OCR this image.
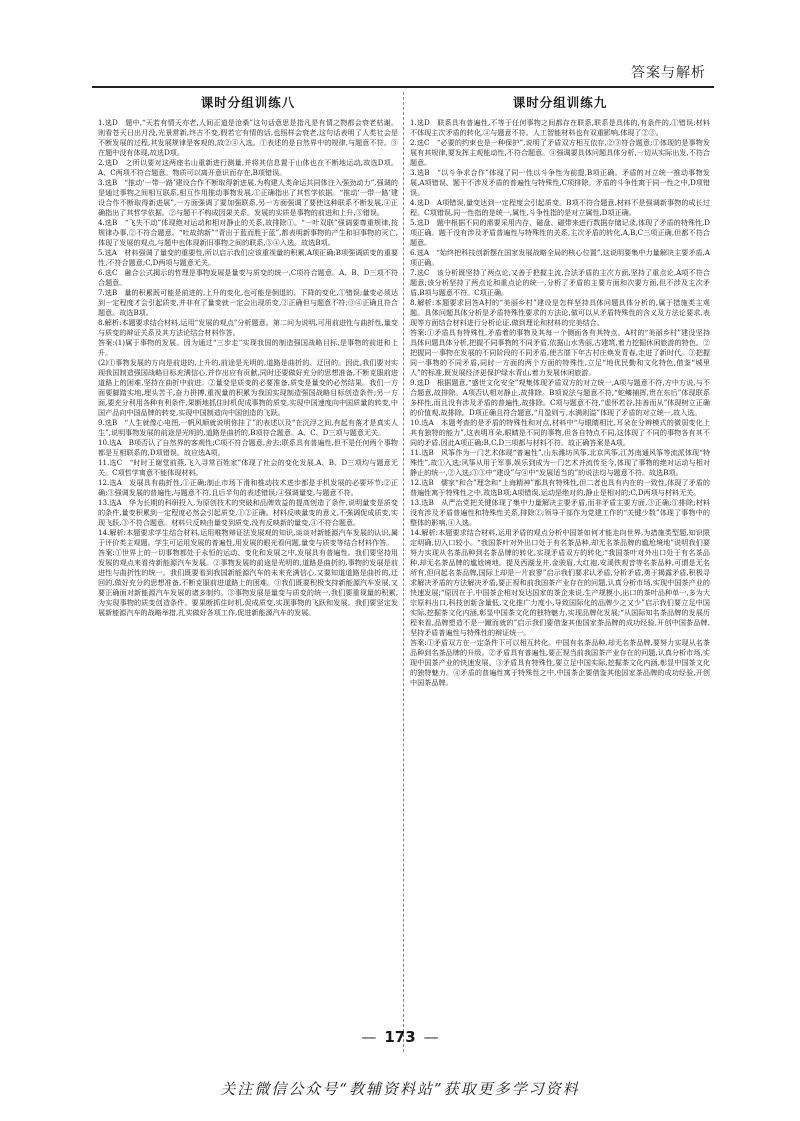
答案与解析
课时分组训练八

1.选D　题中,“天若有情天亦老,人间正道是沧桑”这句话意思是指凡是有情之物都会衰老枯谢。则看苍天日出月没,光景常新,终古不变,假若它有情的话,也照样会衰老,这句话表明了人类社会是不断发展的过程,其发展规律是客观的,故②④入选。①表述的是自然界中的规律,与题意不符。③在题中没有体现,故选D项。

2.选D　之所以要对这两座名山重新进行测量,并将其信息置于山体也在不断地运动,故选D项。A、C两项不符合题意。物质可以离开意识而存在,B项错误。

3.选B　“推动‘一带一路’建设合作不断取得新进展,为构建人类命运共同体注入强劲动力”,强调的是通过事物之间相互联系,相互作用推动事物发展,①正确指出了其哲学依据。“推动‘一带一路’建设合作不断取得新进展”,一方面强调了要加强联系,另一方面强调了要使这种联系不断发展,④正确指出了其哲学依据。②与题干不构成因果关系。发展的实质是事物的前进和上升,③错误。

4.选B　“飞失不动”体现绝对运动和相对静止的关系,故排除①。“一叶双联”强调要尊重规律,按规律办事,②不符合题意。“吐故纳新”“青出于蓝而胜于蓝”,都表明新事物的产生和旧事物的灭亡,体现了发展的观点,与题中也体现新旧事物之间的联系,③④入选。故选B项。

5.选A　材料强调了量变的重要性,所以启示我们应该重视量的积累,A项正确;B项强调质变的重要性,不符合题意;C,D两项与题意无关。

6.选C　融合公式揭示的哲理是事物发展是量变与质变的统一,C项符合题意。A、B、D三项不符合题意。

7.选B　量的积累既可能是前进的,上升的变化,也可能是倒退的、下降的变化,①错误;量变必须达到一定程度才会引起质变,并非有了量变就一定会出现质变,②正确但与题意不符;③④正确且符合题意。故选B项。

8.解析:本题要求结合材料,运用“发展的观点”分析题意。第二问为说明,可用前进性与曲折性,量变与质变的辩证关系及其方法论结合材料作答。

答案:(1)属于事物的发展。因为通过“三步走”实现我国的制造强国战略目标,是事物的前进和上升。

(2)①事物发展的方向是前进的,上升的,前途是光明的,道路是曲折的、迂回的。因此,我们要对实现我国制造强国战略目标充满信心,并作出应有贡献,同时还要做好充分的思想准备,不断克服前进道路上的困难,坚持在曲折中前进。②量变是质变的必要准备,质变是量变的必然结果。我们一方面要脚踏实地,埋头苦干,奋力拼搏,重视量的积累为我国实现制造强国战略目标创造条件;另一方面,要充分利用各种有利条件,果断地抓住时机促成事物的质变,实现中国速度向中国质量的转变,中国产品向中国品牌的转变,实现中国制造向中国创造的飞跃。

9.选B　“人生就像心电图,一帆风顺就说明你挂了”的表述以及“在沉浮之间,有起有落才是真实人生”,说明事物发展的前途是光明的,道路是曲折的,B项符合题意。A、C、D三项与题意无关。

10.选A　B项否认了自然界的客观性;C项不符合题意,舍去;联系具有普遍性,但不是任何两个事物都是互相联系的,D项错误。故应选A项。

11.选C　“时时王谢堂前燕,飞入寻常百姓家”体现了社会的变化发展,A、B、D三项均与题意无关。C项哲学寓意不能体现材料。

12.选A　发展具有曲折性,①正确;制止市场下滑和推动技术进步都是手机发展的必要环节;②正确;③强调发展的普遍性,与题意不符,且后半句的表述错误;④强调量变,与题意不符。

13.选A　华为长期的科研投入,为原创技术的突破和品牌效益的提高创造了条件,说明量变是质变的条件,量变积累到一定程度必然会引起质变,①②正确。材料反映量变的意义,不强调促成质变,实现飞跃,③不符合题意。材料只反映由量变到质变,没有反映新的量变,④不符合题意。

14.解析:本题要求学生结合材料,运用唯物辩证法发展观的知识,谈谈对新能源汽车发展的认识,属于评价类主观题。学生可运用发展的普遍性,用发展的眼光看问题,量变与质变等结合材料作答。

答案:①世界上的一切事物都处于永恒的运动、变化和发展之中,发展具有普遍性。我们要坚持用发展的观点来看待新能源汽车发展。②事物发展的前途是光明的,道路是曲折的,事物的发展是前进性与曲折性的统一。我们既要看到我国新能源汽车的未来充满信心,又要知道道路是曲折的,迂回的,做好充分的思想准备,不断克服前进道路上的困难。③我们既要积极支持新能源汽车发展,又要正确面对新能源汽车发展的诸多制约。③事物发展是量变与质变的统一,我们要重视量的积累,为实现事物的质变创造条件。要果断抓住时机,促成质变,实现事物的飞跃和发展。我们要坚定发展新能源汽车的战略举措,扎实做好各项工作,促进新能源汽车的发展。

课时分组训练九

1.选D　联系具有普遍性,不等于任何事物之间都存在联系,联系是具体的,有条件的,①错误;材料不体现主次矛盾的转化,④与题意不符。人工智能材料也有双重影响,体现了②③。

2.选C　“必要的约束也是一种保护”,说明了矛盾双方相互依存,②③符合题意;①体现的是事物发展有其规律,要发挥主观能动性,不符合题意。④强调要具体问题具体分析,一切从实际出发,不符合题意。

3.选B　“以斗争求合作”体现了同一性以斗争性为前提,B项正确。矛盾的对立统一推动事物发展,A项错误。题干不涉及矛盾的普遍性与特殊性,C项排除。矛盾的斗争性寓于同一性之中,D项错误。

4.选D　A项错误,量变达到一定程度会引起质变。B项不符合题意,材料不是强调新事物的成长过程。C项错误,同一性指的是统一,属性,斗争性指的是对立属性,D项正确。

5.选D　题中根据不同的需要采用内存、磁盘、磁带来进行数据存储记录,体现了矛盾的特殊性,D项正确。题干没有涉及矛盾普遍性与特殊性的关系,主次矛盾的转化,A,B,C三项正确,但都不符合题意。

6.选A　“始终把科技创新摆在国家发展战略全局的核心位置”,这说明要集中力量解决主要矛盾,A项正确。

7.选C　该分析既坚持了两点论,又善于把握主流,合法矛盾的主次方面,坚持了重点论,A项不符合题意;该分析坚持了两点论和重点论的统一,分析了矛盾的主要方面和次要方面,但不涉及主次矛盾,B项与题意不符。C项正确。

8.解析:本题要求回答A村的“美丽乡村”建设是怎样坚持具体问题具体分析的,属于措施类主观题。具体问题具体分析是矛盾特殊性要求的方法论,做可以从矛盾特殊性的含义及方法论要求,表现等方面结合材料进行分析论证,做到理论和材料的完美结合。

答案:①矛盾具有特殊性,矛盾着的事物及其每一个侧面各有其特点。A村的“美丽乡村”建设坚持具体问题具体分析,把握不同事物的不同矛盾,依据山水秀丽,古建筑,着力挖掘休闲旅游的特色。②把握同一事物在发展的不同阶段的不同矛盾,使古厝下年古村庄焕发青春,走进了新时代。③把握同一事物的不同矛盾,同时一方面的两个方面的特殊性,立足“地优民勤和文化特色,借鉴“城里人”的标准,既发展经济更保护绿水青山,着力发展休闲旅游。

9.选D　根据题意,“盛世文化安全”观集体现矛盾双方的对立统一,A项与题意不符,方中方说,与不合题意,故排除。A项否认相对静止,故排除。B项说法与题意不符,“蛇鳞捕挥,贵在东后”体现联系多样性,而且没有涉及矛盾的普遍性,故排除。C项与题意不符,“虚怀若谷,挂善而从”体现树立正确的价值观,故排除。D项正确且符合题意,“月盈则亏,水满则溢”体现了矛盾的对立统一,故入选。

10.选A　本题考查的是矛盾的特殊性和对点,材料中“与眼睛相比,耳朵在分辨模式的微弱变化上其有独特的能力”,这表明耳朵,眼睛是不同的事物,但各自特点不同,这体现了不同的事物各有其不同的矛盾,因此A项正确;B,C,D三项都与材料不符。故正确答案是A项。

11.选B　风筝作为一门艺术体现“普遍性”,山东潍坊风筝,北京风筝,江苏南通风筝等流派体现“特殊性”,故①入选;风筝从用于军事,娱乐到成为一门艺术并流传至今,体现了事物的绝对运动与相对静止的统一,②入选;③③中“建设”与④中“发展适当的”的说法均与题意不符。故选B项。

12.选B　儒家“和合”理念和“上海精神”都具有特殊性,但二者也具有内在的一致性,体现了矛盾的普遍性寓于特殊性之中,故选B项;A项错误,运动是绝对的,静止是相对的;C,D两项与材料无关。

13.选B　从严治党把关键体现了集中力量解决主要矛盾,而非矛盾主要方面,③正确;①排除;材料没有涉及矛盾普遍性和特殊性关系,排除②;领导干部作为党建工作的“关键少数”体现了事物中的整体的影响,④入选。

14.解析:本题要求结合材料,运用矛盾的观点分析中国茶如何才能走向世界,为措施类型题,知识限定明确,切入口较小。“我国茶叶对外出口处于有名茶品种,却无名茶品牌的尴尬境地”说明我们要努力实现从名茶品种到名茶品牌的转化,实现矛盾双方的转化;“我国茶叶对外出口处于有名茶品种,却无名茶品牌的尴尬境地。提及西湖龙井,金骏眉,大红袍,安溪铁观音等名茶品种,可谓是无名所有,但问起名茶品牌,国际上却是一片寂寥”启示我们要求认矛盾,分析矛盾,勇于揭露矛盾,积极寻求解决矛盾的方法解决矛盾,要正视和前我国茶产业存在的问题,认真分析市场,实现中国茶产业的快速发展;“原因在于,中国茶企相对发达国家的茶企来说,生产规模小,出口的茶叶品种单一,多为大宗原料出口,科技创新含量低,文化推广力度小,导致国际化的品牌少之又少”启示我们要立足中国实际,挖掘茶文化内涵,彰显中国茶文化的独特魅力,实现品牌化发展;“从国际知名茶品牌的发展历程来看,品牌塑造不是一蹴而就的”启示我们要借鉴其他国家茶品牌的成功经验,开创中国茶品牌,坚持矛盾普遍性与特殊性的辩证统一。

答案:①矛盾双方在一定条件下可以相互转化。中国有名茶品种,却无名茶品牌,要努力实现从名茶品种到名茶品牌的升级。②矛盾具有普遍性,要正视当前我国茶产业存在的问题,认真分析市场,实现中国茶产业的快速发展。③矛盾具有特殊性,要立足中国实际,挖掘茶文化内涵,彰显中国茶文化的独特魅力。④矛盾的普遍性寓于特殊性之中,中国茶企要借鉴其他国家茶品牌的成功经验,开创中国茶品牌。

— 173 —
关注微信公众号“教辅资料站”获取更多学习资料
